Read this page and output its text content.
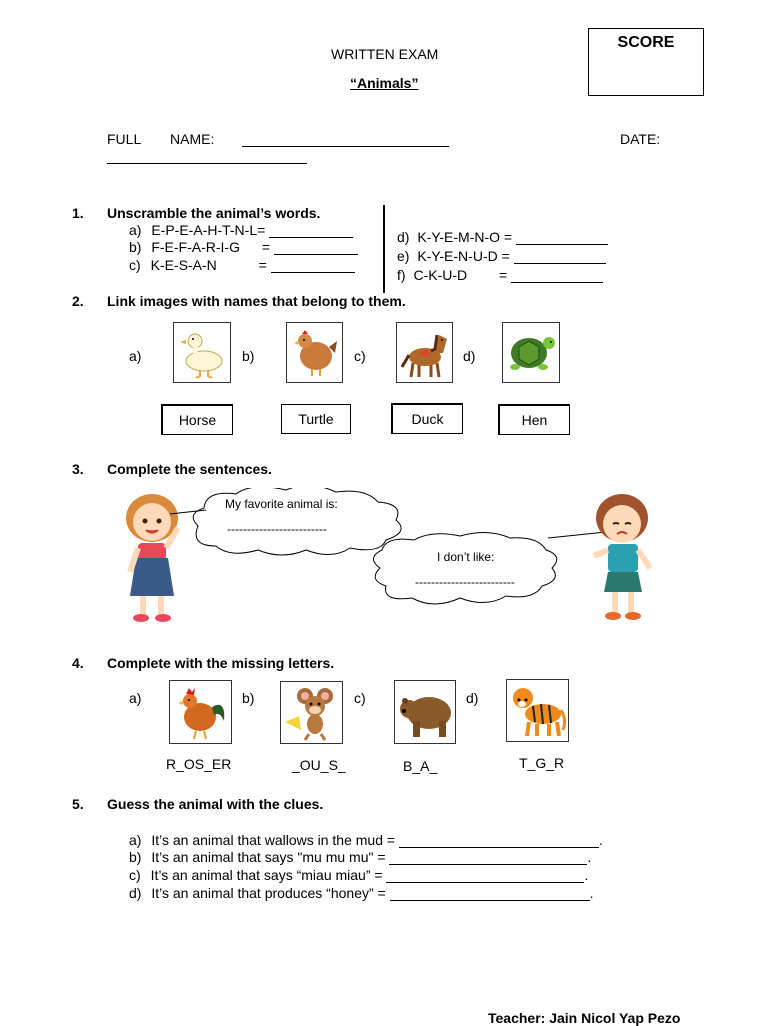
WRITTEN EXAM
“Animals”
SCORE
FULL NAME:	DATE:
1. Unscramble the animal’s words.
a) E-P-E-A-H-T-N-L=
b) F-E-F-A-R-I-G =
c) K-E-S-A-N	=
d) K-Y-E-M-N-O =
e) K-Y-E-N-U-D =
f) C-K-U-D =
2. Link images with names that belong to them.
a)	b)	c)	d)
Horse	Turtle	Duck	Hen
3. Complete the sentences.
My favorite animal is:
-------------------------
I don’t like:
-------------------------
4. Complete with the missing letters.
a)	b)	c)	d)
R_OS_ER	_OU_S_	B_A_	T_G_R
5. Guess the animal with the clues.
a) It’s an animal that wallows in the mud =	.
b) It’s an animal that says "mu mu mu" =	.
c) It’s an animal that says “miau miau” =	.
d) It’s an animal that produces “honey” =	.
Teacher: Jain Nicol Yap Pezo
